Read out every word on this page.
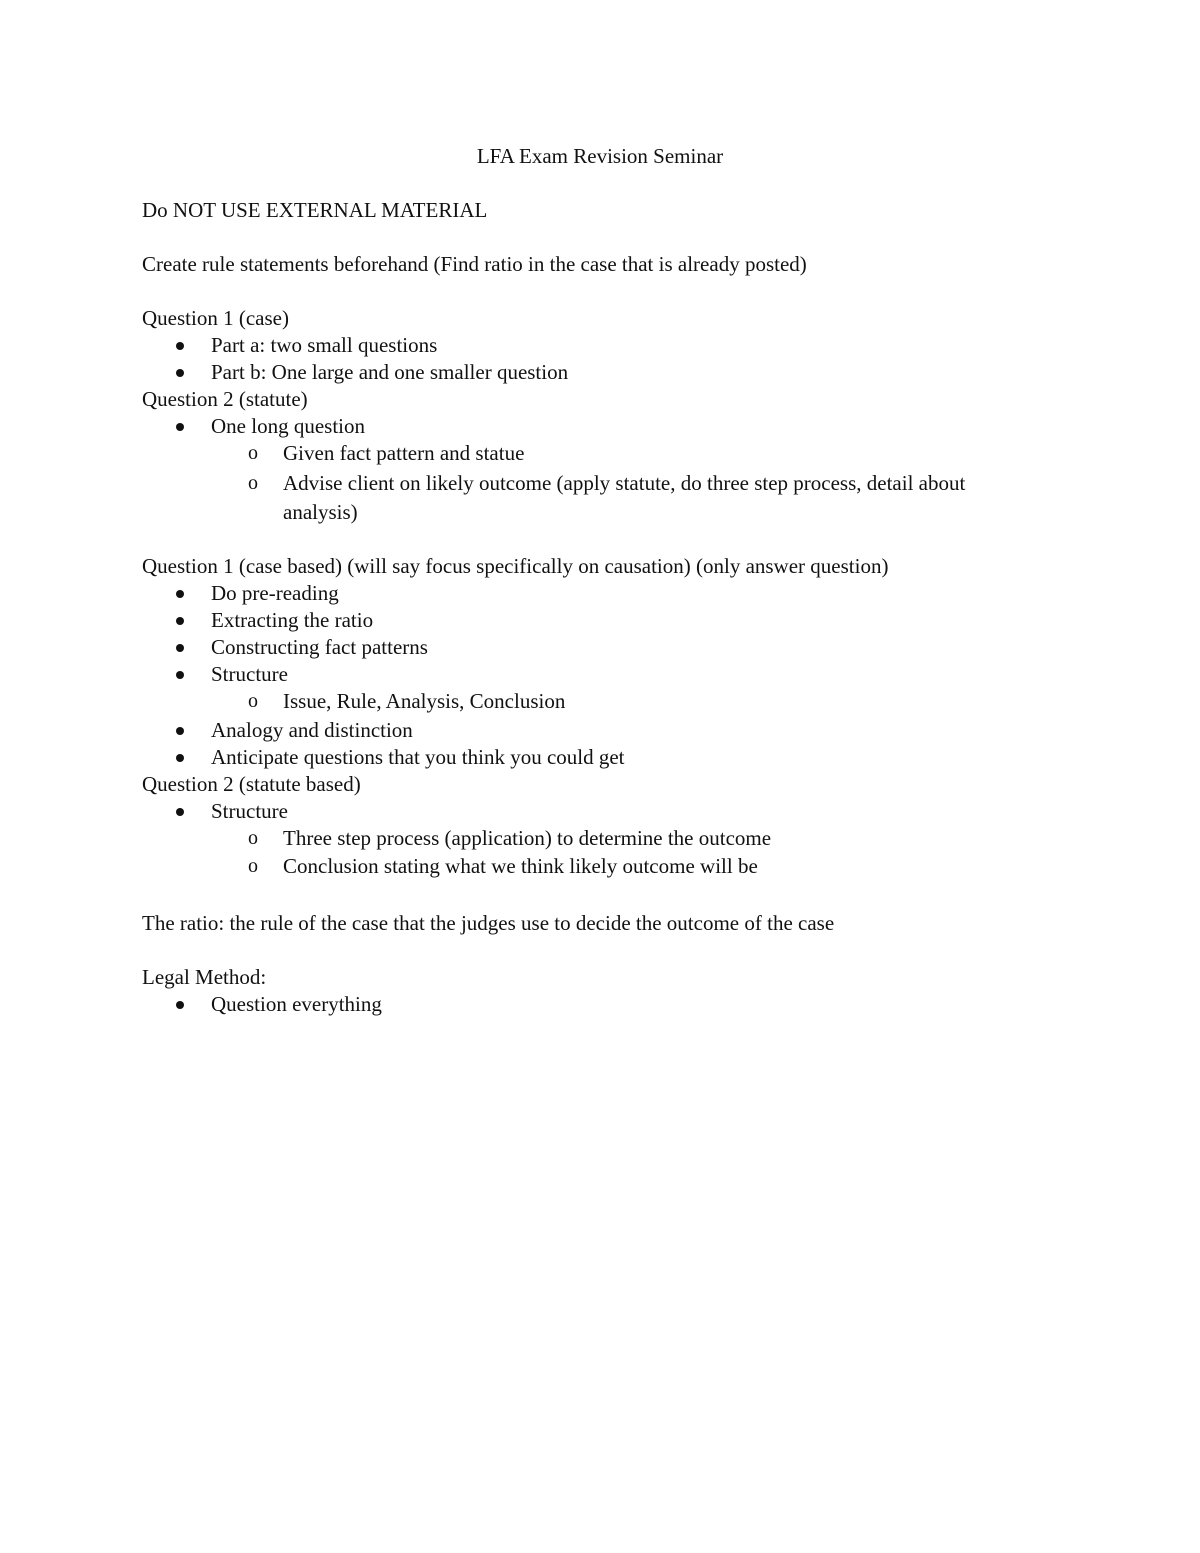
LFA Exam Revision Seminar

Do NOT USE EXTERNAL MATERIAL

Create rule statements beforehand (Find ratio in the case that is already posted)

Question 1 (case)

Part a: two small questions

Part b: One large and one smaller question

Question 2 (statute)

One long question

o Given fact pattern and statue

o Advise client on likely outcome (apply statute, do three step process, detail about

analysis)

Question 1 (case based) (will say focus specifically on causation) (only answer question)

Do pre-reading

Extracting the ratio

Constructing fact patterns

Structure

o Issue, Rule, Analysis, Conclusion

Analogy and distinction

Anticipate questions that you think you could get

Question 2 (statute based)

Structure

o Three step process (application) to determine the outcome

o Conclusion stating what we think likely outcome will be

The ratio: the rule of the case that the judges use to decide the outcome of the case

Legal Method:

Question everything
